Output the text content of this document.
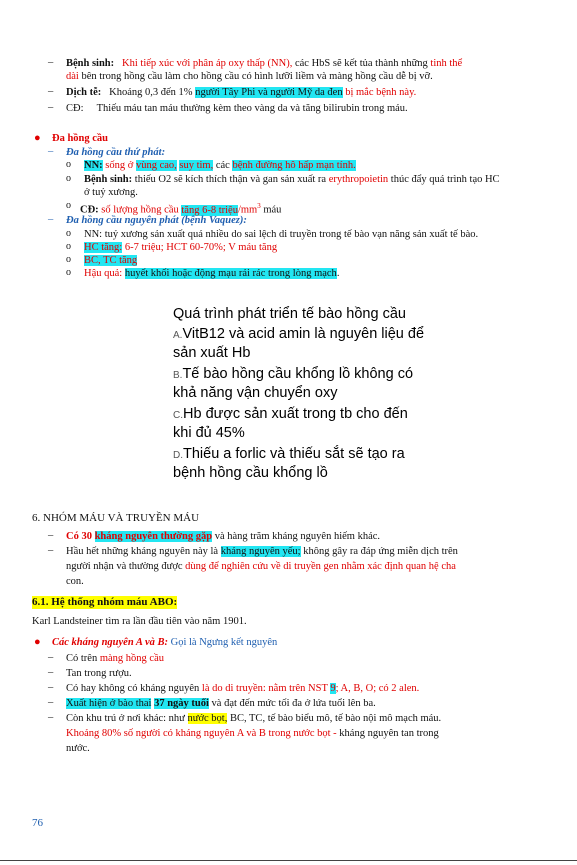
– Bệnh sinh: Khi tiếp xúc với phân áp oxy thấp (NN), các HbS sẽ kết tủa thành những tinh thể
dài bên trong hồng cầu làm cho hồng cầu có hình lưỡi liềm và màng hồng cầu dễ bị vỡ.
– Dịch tễ: Khoảng 0,3 đến 1% người Tây Phi và người Mỹ da đen bị mắc bệnh này.
– CĐ: Thiếu máu tan máu thường kèm theo vàng da và tăng bilirubin trong máu.
● Đa hồng cầu
– Đa hồng cầu thứ phát:
o NN: sống ở vùng cao, suy tim, các bệnh đường hô hấp mạn tính.
o Bệnh sinh: thiếu O2 sẽ kích thích thận và gan sản xuất ra erythropoietin thúc đẩy quá trình tạo HC
ở tuỷ xương.
o CĐ: số lượng hồng cầu tăng 6-8 triệu/$mm^3$ máu
– Đa hồng cầu nguyên phát (bệnh Vaquez):
o NN: tuỷ xương sản xuất quá nhiều do sai lệch di truyền trong tế bào vạn năng sản xuất tế bào.
o HC tăng: 6-7 triệu; HCT 60-70%; V máu tăng
o BC, TC tăng
o Hậu quả: huyết khối hoặc động mạu rải rác trong lòng mạch.
Quá trình phát triển tế bào hồng cầu
A.VitB12 và acid amin là nguyên liệu để
sản xuất Hb
B.Tế bào hồng cầu khổng lồ không có
khả năng vận chuyển oxy
C.Hb được sản xuất trong tb cho đến
khi đủ 45%
D.Thiếu a forlic và thiếu sắt sẽ tạo ra
bệnh hồng cầu khổng lồ
6. NHÓM MÁU VÀ TRUYỀN MÁU
– Có 30 kháng nguyên thường gặp và hàng trăm kháng nguyên hiếm khác.
– Hầu hết những kháng nguyên này là kháng nguyên yếu; không gây ra đáp ứng miễn dịch trên
người nhận và thường được dùng để nghiên cứu về di truyền gen nhằm xác định quan hệ cha
con.
6.1. Hệ thống nhóm máu ABO:
Karl Landsteiner tìm ra lần đầu tiên vào năm 1901.
● Các kháng nguyên A và B: Gọi là Ngưng kết nguyên
– Có trên màng hồng cầu
– Tan trong rượu.
– Có hay không có kháng nguyên là do di truyền: nằm trên NST 9; A, B, O; có 2 alen.
– Xuất hiện ở bào thai 37 ngày tuổi và đạt đến mức tối đa ở lứa tuổi lên ba.
– Còn khu trú ở nơi khác: như nước bọt, BC, TC, tế bào biểu mô, tế bào nội mô mạch máu.
Khoảng 80% số người có kháng nguyên A và B trong nước bọt - kháng nguyên tan trong
nước.
76
